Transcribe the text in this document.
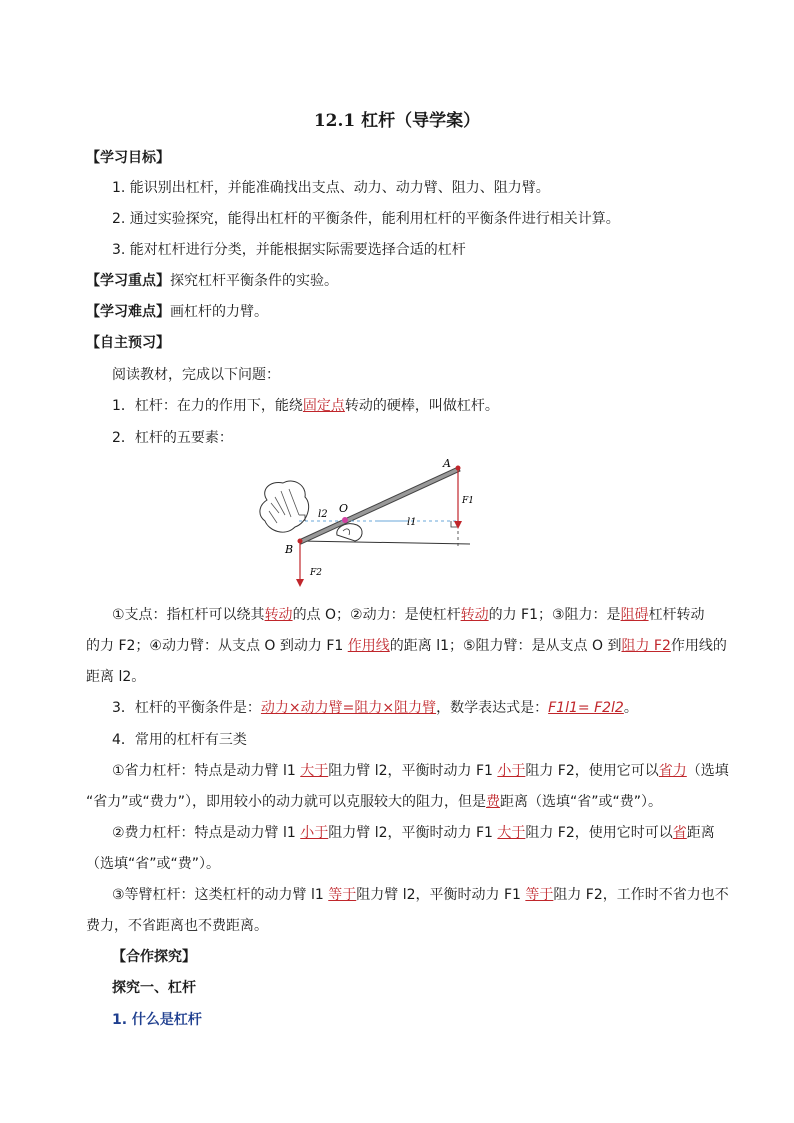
12.1 杠杆（导学案）
【学习目标】
1. 能识别出杠杆，并能准确找出支点、动力、动力臂、阻力、阻力臂。
2. 通过实验探究，能得出杠杆的平衡条件，能利用杠杆的平衡条件进行相关计算。
3. 能对杠杆进行分类，并能根据实际需要选择合适的杠杆
【学习重点】探究杠杆平衡条件的实验。
【学习难点】画杠杆的力臂。
【自主预习】
阅读教材，完成以下问题：
1．杠杆：在力的作用下，能绕固定点转动的硬棒，叫做杠杆。
2．杠杆的五要素：
A
B
O
F1
F2
l1
l2
①支点：指杠杆可以绕其转动的点 O；②动力：是使杠杆转动的力 F1；③阻力：是阻碍杠杆转动
的力 F2；④动力臂：从支点 O 到动力 F1 作用线的距离 l1；⑤阻力臂：是从支点 O 到阻力 F2作用线的
距离 l2。
3．杠杆的平衡条件是：动力×动力臂=阻力×阻力臂，数学表达式是：F1l1= F2l2。
4．常用的杠杆有三类
①省力杠杆：特点是动力臂 l1 大于阻力臂 l2，平衡时动力 F1 小于阻力 F2，使用它可以省力（选填
“省力”或“费力”），即用较小的动力就可以克服较大的阻力，但是费距离（选填“省”或“费”）。
②费力杠杆：特点是动力臂 l1 小于阻力臂 l2，平衡时动力 F1 大于阻力 F2，使用它时可以省距离
（选填“省”或“费”）。
③等臂杠杆：这类杠杆的动力臂 l1 等于阻力臂 l2，平衡时动力 F1 等于阻力 F2，工作时不省力也不
费力，不省距离也不费距离。
【合作探究】
探究一、杠杆
1. 什么是杠杆
